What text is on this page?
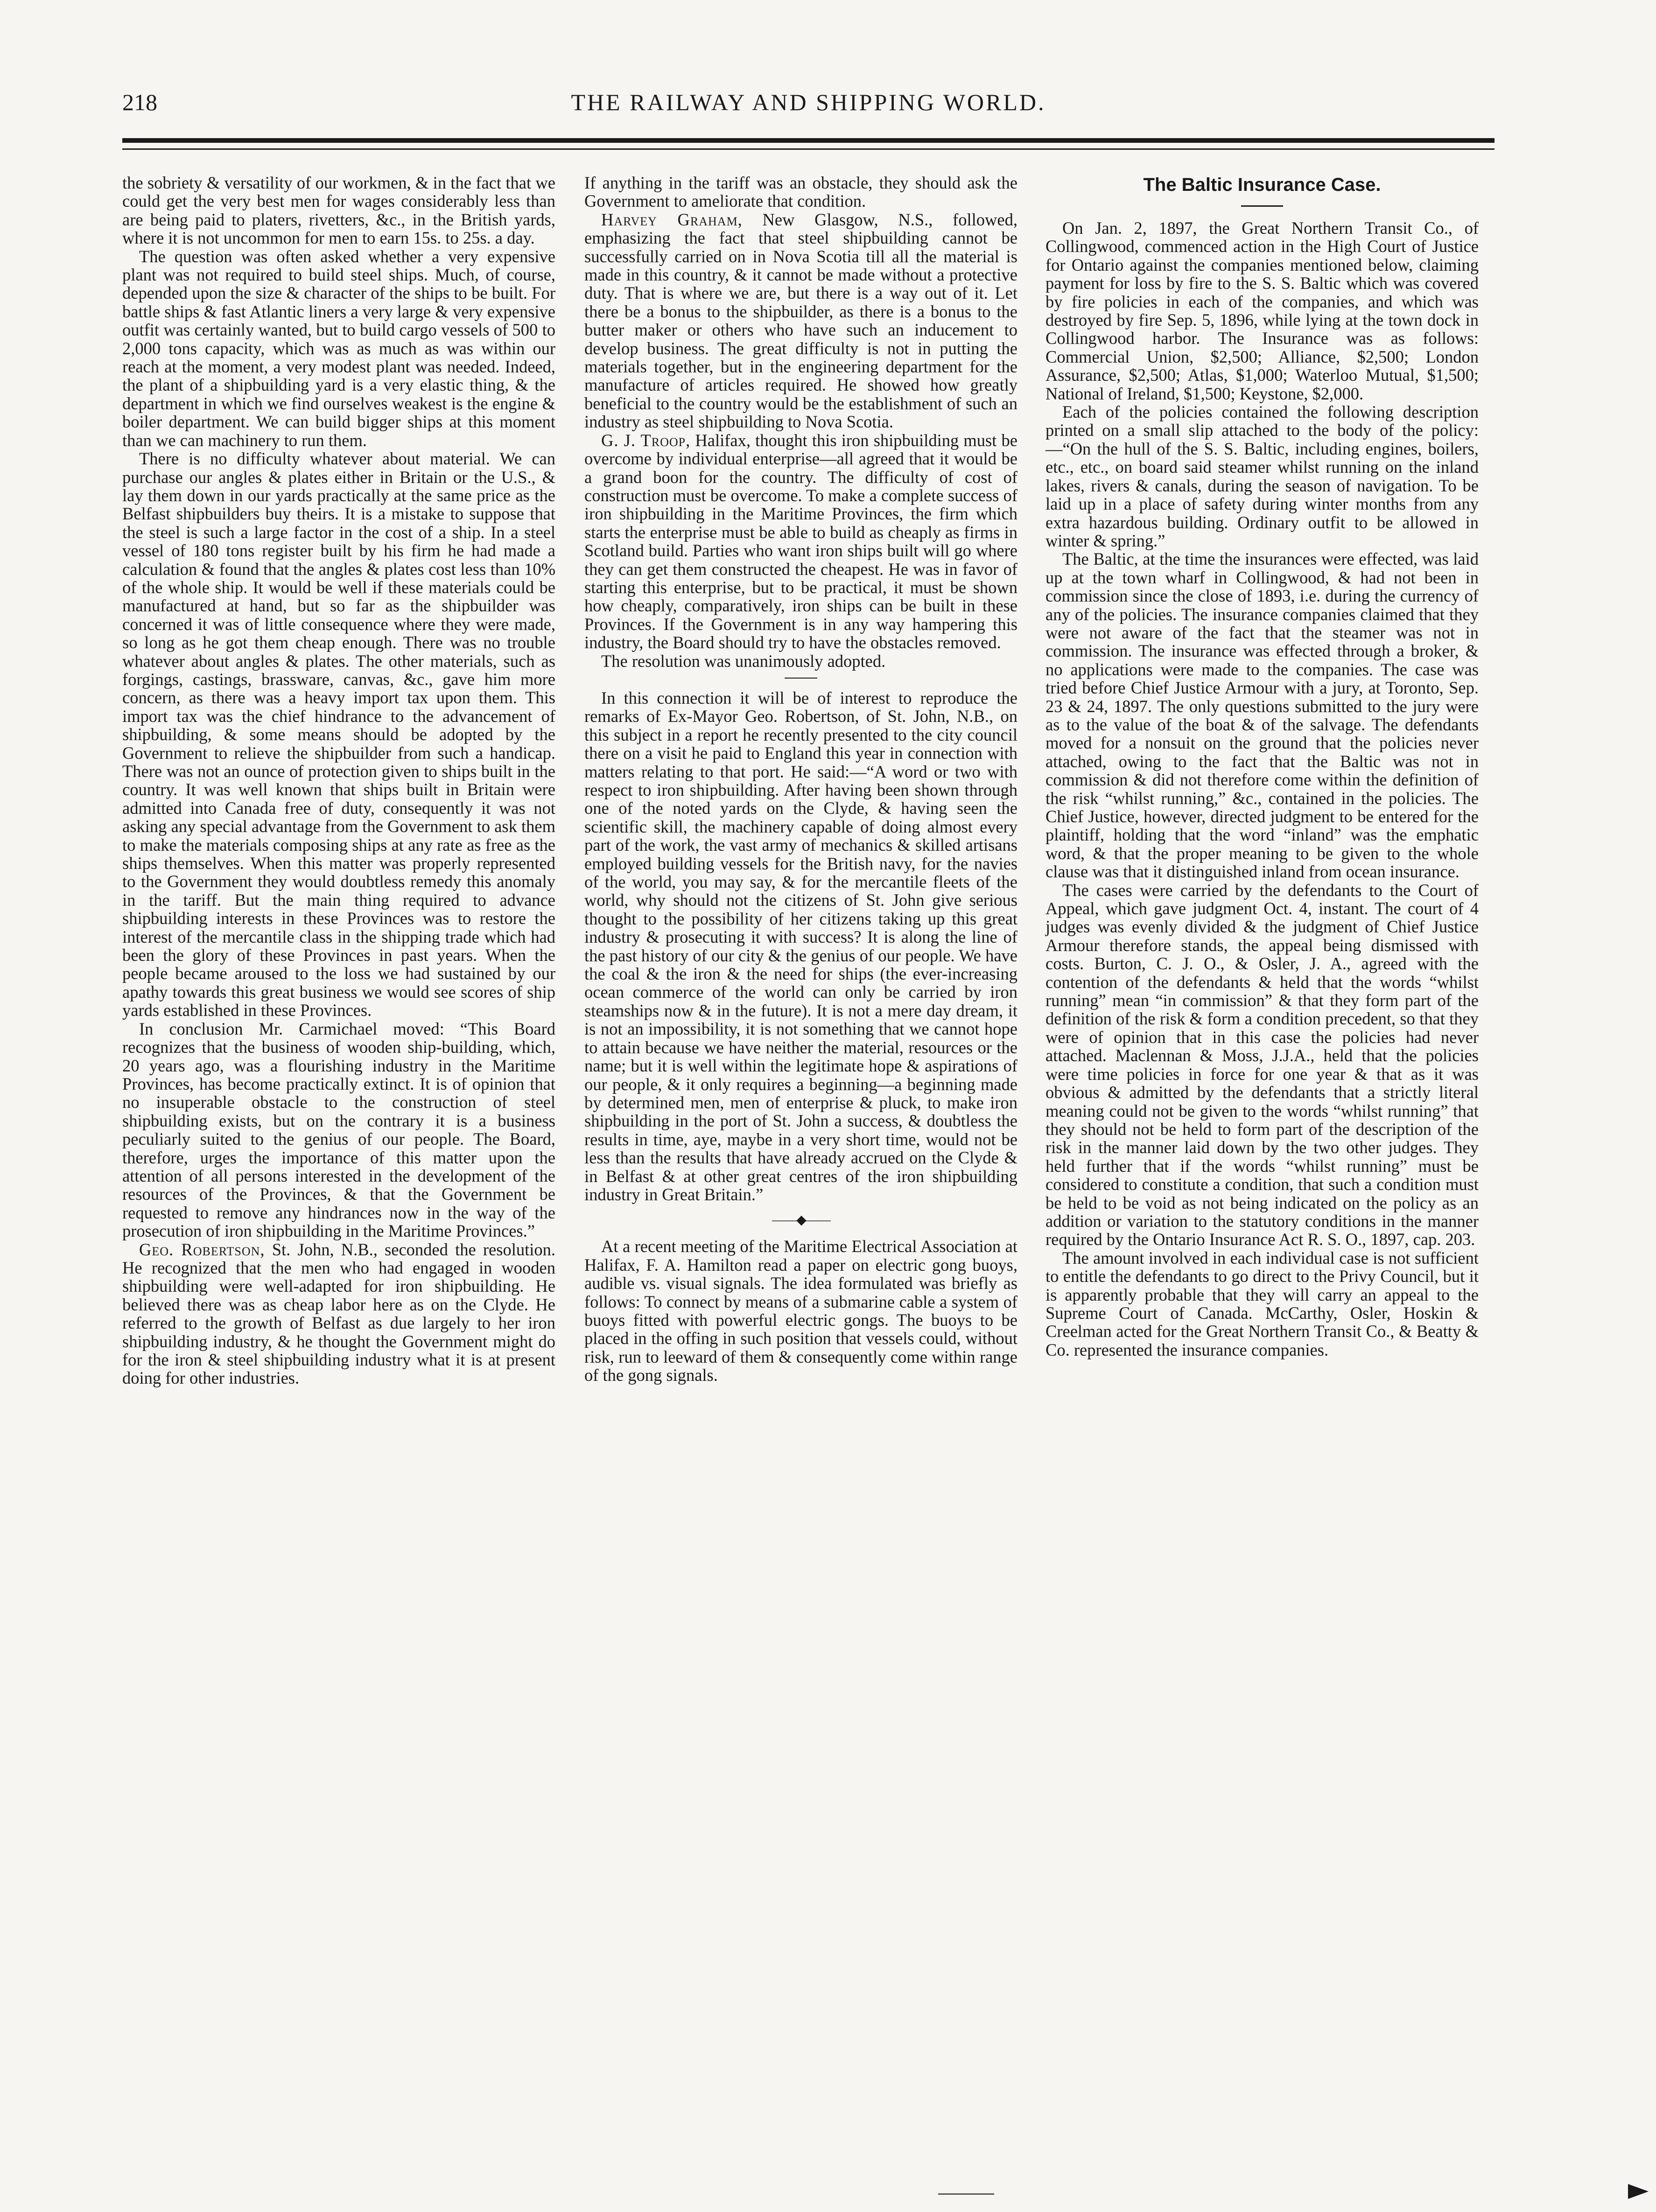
218	THE RAILWAY AND SHIPPING WORLD.

the sobriety & versatility of our workmen, & in the fact that we could get the very best men for wages considerably less than are being paid to platers, rivetters, &c., in the British yards, where it is not uncommon for men to earn 15s. to 25s. a day.

The question was often asked whether a very expensive plant was not required to build steel ships. Much, of course, depended upon the size & character of the ships to be built. For battle ships & fast Atlantic liners a very large & very expensive outfit was certainly wanted, but to build cargo vessels of 500 to 2,000 tons capacity, which was as much as was within our reach at the moment, a very modest plant was needed. Indeed, the plant of a shipbuilding yard is a very elastic thing, & the department in which we find ourselves weakest is the engine & boiler department. We can build bigger ships at this moment than we can machinery to run them.

There is no difficulty whatever about material. We can purchase our angles & plates either in Britain or the U.S., & lay them down in our yards practically at the same price as the Belfast shipbuilders buy theirs. It is a mistake to suppose that the steel is such a large factor in the cost of a ship. In a steel vessel of 180 tons register built by his firm he had made a calculation & found that the angles & plates cost less than 10% of the whole ship. It would be well if these materials could be manufactured at hand, but so far as the shipbuilder was concerned it was of little consequence where they were made, so long as he got them cheap enough. There was no trouble whatever about angles & plates. The other materials, such as forgings, castings, brassware, canvas, &c., gave him more concern, as there was a heavy import tax upon them. This import tax was the chief hindrance to the advancement of shipbuilding, & some means should be adopted by the Government to relieve the shipbuilder from such a handicap. There was not an ounce of protection given to ships built in the country. It was well known that ships built in Britain were admitted into Canada free of duty, consequently it was not asking any special advantage from the Government to ask them to make the materials composing ships at any rate as free as the ships themselves. When this matter was properly represented to the Government they would doubtless remedy this anomaly in the tariff. But the main thing required to advance shipbuilding interests in these Provinces was to restore the interest of the mercantile class in the shipping trade which had been the glory of these Provinces in past years. When the people became aroused to the loss we had sustained by our apathy towards this great business we would see scores of ship yards established in these Provinces.

In conclusion Mr. Carmichael moved: “This Board recognizes that the business of wooden ship-building, which, 20 years ago, was a flourishing industry in the Maritime Provinces, has become practically extinct. It is of opinion that no insuperable obstacle to the construction of steel shipbuilding exists, but on the contrary it is a business peculiarly suited to the genius of our people. The Board, therefore, urges the importance of this matter upon the attention of all persons interested in the development of the resources of the Provinces, & that the Government be requested to remove any hindrances now in the way of the prosecution of iron shipbuilding in the Maritime Provinces.”

Geo. Robertson, St. John, N.B., seconded the resolution. He recognized that the men who had engaged in wooden shipbuilding were well-adapted for iron shipbuilding. He believed there was as cheap labor here as on the Clyde. He referred to the growth of Belfast as due largely to her iron shipbuilding industry, & he thought the Government might do for the iron & steel shipbuilding industry what it is at present doing for other industries.

If anything in the tariff was an obstacle, they should ask the Government to ameliorate that condition.

Harvey Graham, New Glasgow, N.S., followed, emphasizing the fact that steel shipbuilding cannot be successfully carried on in Nova Scotia till all the material is made in this country, & it cannot be made without a protective duty. That is where we are, but there is a way out of it. Let there be a bonus to the shipbuilder, as there is a bonus to the butter maker or others who have such an inducement to develop business. The great difficulty is not in putting the materials together, but in the engineering department for the manufacture of articles required. He showed how greatly beneficial to the country would be the establishment of such an industry as steel shipbuilding to Nova Scotia.

G. J. Troop, Halifax, thought this iron shipbuilding must be overcome by individual enterprise—all agreed that it would be a grand boon for the country. The difficulty of cost of construction must be overcome. To make a complete success of iron shipbuilding in the Maritime Provinces, the firm which starts the enterprise must be able to build as cheaply as firms in Scotland build. Parties who want iron ships built will go where they can get them constructed the cheapest. He was in favor of starting this enterprise, but to be practical, it must be shown how cheaply, comparatively, iron ships can be built in these Provinces. If the Government is in any way hampering this industry, the Board should try to have the obstacles removed.

The resolution was unanimously adopted.

In this connection it will be of interest to reproduce the remarks of Ex-Mayor Geo. Robertson, of St. John, N.B., on this subject in a report he recently presented to the city council there on a visit he paid to England this year in connection with matters relating to that port. He said:—“A word or two with respect to iron shipbuilding. After having been shown through one of the noted yards on the Clyde, & having seen the scientific skill, the machinery capable of doing almost every part of the work, the vast army of mechanics & skilled artisans employed building vessels for the British navy, for the navies of the world, you may say, & for the mercantile fleets of the world, why should not the citizens of St. John give serious thought to the possibility of her citizens taking up this great industry & prosecuting it with success? It is along the line of the past history of our city & the genius of our people. We have the coal & the iron & the need for ships (the ever-increasing ocean commerce of the world can only be carried by iron steamships now & in the future). It is not a mere day dream, it is not an impossibility, it is not something that we cannot hope to attain because we have neither the material, resources or the name; but it is well within the legitimate hope & aspirations of our people, & it only requires a beginning—a beginning made by determined men, men of enterprise & pluck, to make iron shipbuilding in the port of St. John a success, & doubtless the results in time, aye, maybe in a very short time, would not be less than the results that have already accrued on the Clyde & in Belfast & at other great centres of the iron shipbuilding industry in Great Britain.”

——◆——

At a recent meeting of the Maritime Electrical Association at Halifax, F. A. Hamilton read a paper on electric gong buoys, audible vs. visual signals. The idea formulated was briefly as follows: To connect by means of a submarine cable a system of buoys fitted with powerful electric gongs. The buoys to be placed in the offing in such position that vessels could, without risk, run to leeward of them & consequently come within range of the gong signals.

The Baltic Insurance Case.

On Jan. 2, 1897, the Great Northern Transit Co., of Collingwood, commenced action in the High Court of Justice for Ontario against the companies mentioned below, claiming payment for loss by fire to the S. S. Baltic which was covered by fire policies in each of the companies, and which was destroyed by fire Sep. 5, 1896, while lying at the town dock in Collingwood harbor. The Insurance was as follows: Commercial Union, $2,500; Alliance, $2,500; London Assurance, $2,500; Atlas, $1,000; Waterloo Mutual, $1,500; National of Ireland, $1,500; Keystone, $2,000.

Each of the policies contained the following description printed on a small slip attached to the body of the policy:—“On the hull of the S. S. Baltic, including engines, boilers, etc., etc., on board said steamer whilst running on the inland lakes, rivers & canals, during the season of navigation. To be laid up in a place of safety during winter months from any extra hazardous building. Ordinary outfit to be allowed in winter & spring.”

The Baltic, at the time the insurances were effected, was laid up at the town wharf in Collingwood, & had not been in commission since the close of 1893, i.e. during the currency of any of the policies. The insurance companies claimed that they were not aware of the fact that the steamer was not in commission. The insurance was effected through a broker, & no applications were made to the companies. The case was tried before Chief Justice Armour with a jury, at Toronto, Sep. 23 & 24, 1897. The only questions submitted to the jury were as to the value of the boat & of the salvage. The defendants moved for a nonsuit on the ground that the policies never attached, owing to the fact that the Baltic was not in commission & did not therefore come within the definition of the risk “whilst running,” &c., contained in the policies. The Chief Justice, however, directed judgment to be entered for the plaintiff, holding that the word “inland” was the emphatic word, & that the proper meaning to be given to the whole clause was that it distinguished inland from ocean insurance.

The cases were carried by the defendants to the Court of Appeal, which gave judgment Oct. 4, instant. The court of 4 judges was evenly divided & the judgment of Chief Justice Armour therefore stands, the appeal being dismissed with costs. Burton, C. J. O., & Osler, J. A., agreed with the contention of the defendants & held that the words “whilst running” mean “in commission” & that they form part of the definition of the risk & form a condition precedent, so that they were of opinion that in this case the policies had never attached. Maclennan & Moss, J.J.A., held that the policies were time policies in force for one year & that as it was obvious & admitted by the defendants that a strictly literal meaning could not be given to the words “whilst running” that they should not be held to form part of the description of the risk in the manner laid down by the two other judges. They held further that if the words “whilst running” must be considered to constitute a condition, that such a condition must be held to be void as not being indicated on the policy as an addition or variation to the statutory conditions in the manner required by the Ontario Insurance Act R. S. O., 1897, cap. 203.

The amount involved in each individual case is not sufficient to entitle the defendants to go direct to the Privy Council, but it is apparently probable that they will carry an appeal to the Supreme Court of Canada. McCarthy, Osler, Hoskin & Creelman acted for the Great Northern Transit Co., & Beatty & Co. represented the insurance companies.
